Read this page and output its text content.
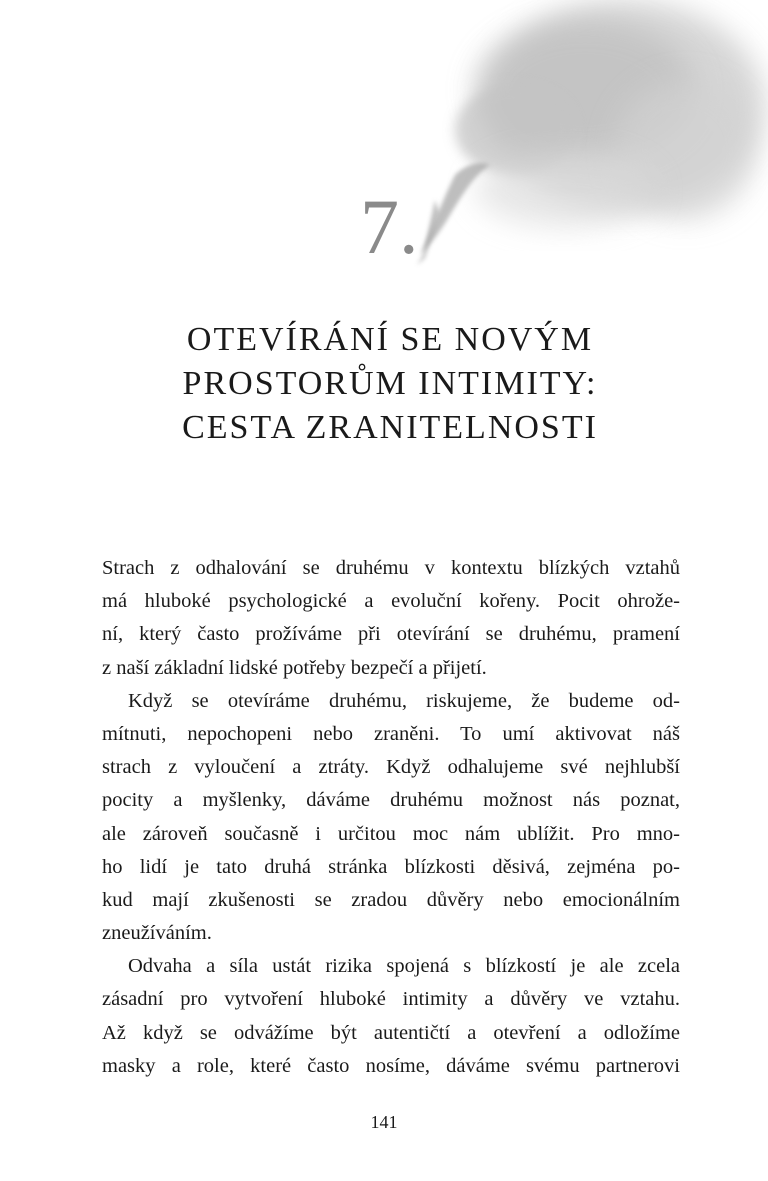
7.
OTEVÍRÁNÍ SE NOVÝM
PROSTORŮM INTIMITY:
CESTA ZRANITELNOSTI
Strach z odhalování se druhému v kontextu blízkých vztahů
má hluboké psychologické a evoluční kořeny. Pocit ohrože-
ní, který často prožíváme při otevírání se druhému, pramení
z naší základní lidské potřeby bezpečí a přijetí.
Když se otevíráme druhému, riskujeme, že budeme od-
mítnuti, nepochopeni nebo zraněni. To umí aktivovat náš
strach z vyloučení a ztráty. Když odhalujeme své nejhlubší
pocity a myšlenky, dáváme druhému možnost nás poznat,
ale zároveň současně i určitou moc nám ublížit. Pro mno-
ho lidí je tato druhá stránka blízkosti děsivá, zejména po-
kud mají zkušenosti se zradou důvěry nebo emocionálním
zneužíváním.
Odvaha a síla ustát rizika spojená s blízkostí je ale zcela
zásadní pro vytvoření hluboké intimity a důvěry ve vztahu.
Až když se odvážíme být autentičtí a otevření a odložíme
masky a role, které často nosíme, dáváme svému partnerovi
141
